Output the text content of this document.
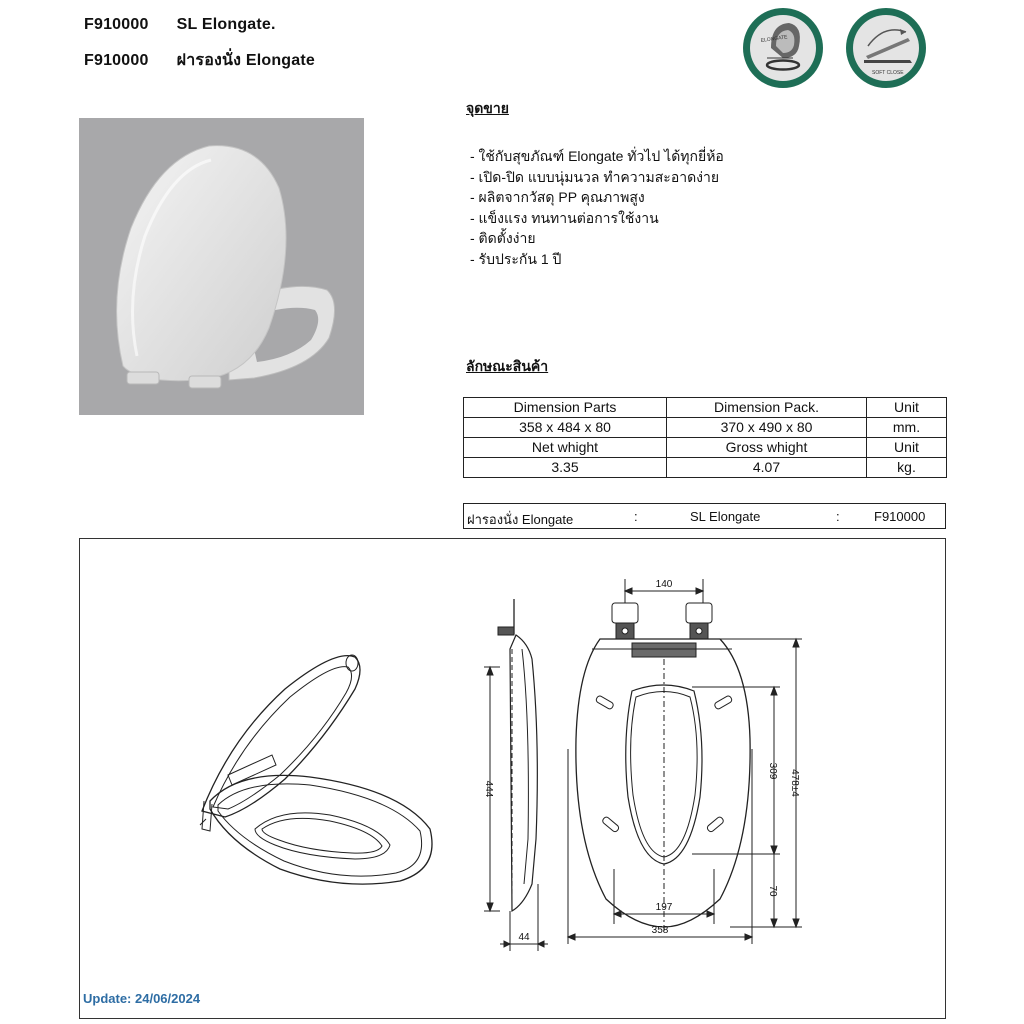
F910000 SL Elongate.
F910000 ฝารองนั่ง Elongate
ELONGATE
SOFT CLOSE
จุดขาย
- ใช้กับสุขภัณฑ์ Elongate ทั่วไป ได้ทุกยี่ห้อ
- เปิด-ปิด แบบนุ่มนวล ทำความสะอาดง่าย
- ผลิตจากวัสดุ PP คุณภาพสูง
- แข็งแรง ทนทานต่อการใช้งาน
- ติดตั้งง่าย
- รับประกัน 1 ปี
ลักษณะสินค้า
Dimension Parts	Dimension Pack.	Unit
358 x 484 x 80	370 x 490 x 80	mm.
Net whight	Gross whight	Unit
3.35	4.07	kg.
ฝารองนั่ง Elongate	:	SL Elongate	:	F910000
140
444
44
309 478±4
70
197
358
Update: 24/06/2024
